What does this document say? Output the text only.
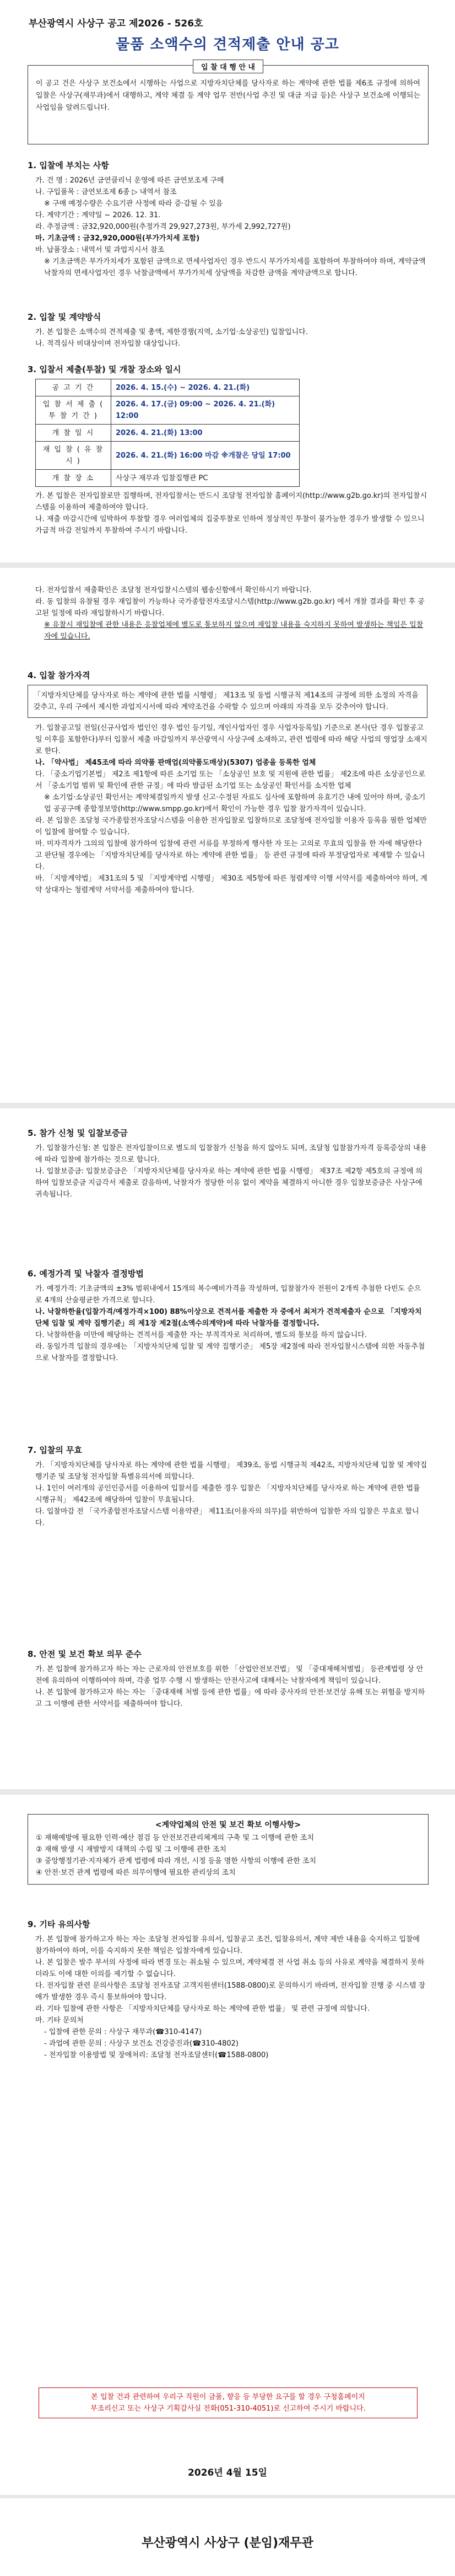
부산광역시 사상구 공고 제2026 - 526호
물품 소액수의 견적제출 안내 공고
입 찰 대 행 안 내
이 공고 건은 사상구 보건소에서 시행하는 사업으로 지방자치단체를 당사자로 하는 계약에 관한 법률 제6조 규정에 의하여 입찰은 사상구(재무과)에서 대행하고, 계약 체결 등 계약 업무 전반(사업 추진 및 대금 지급 등)은 사상구 보건소에 이행되는 사업임을 알려드립니다.
1. 입찰에 부치는 사항

가. 건 명 : 2026년 금연클리닉 운영에 따른 금연보조제 구매

나. 구입품목 : 금연보조제 6종 ▷ 내역서 참조

※ 구매 예정수량은 수요기관 사정에 따라 증·감될 수 있음

다. 계약기간 : 계약일 ~ 2026. 12. 31.

라. 추정금액 : 금32,920,000원(추정가격 29,927,273원, 부가세 2,992,727원)

마. 기초금액 : 금32,920,000원(부가가치세 포함)

바. 납품장소 : 내역서 및 과업지시서 참조

※ 기초금액은 부가가치세가 포함된 금액으로 면세사업자인 경우 반드시 부가가치세를 포함하여 투찰하여야 하며, 계약금액 낙찰자의 면세사업자인 경우 낙찰금액에서 부가가치세 상당액을 차감한 금액을 계약금액으로 합니다.

2. 입찰 및 계약방식

가. 본 입찰은 소액수의 견적제출 및 총액, 제한경쟁(지역, 소기업·소상공인) 입찰입니다.

나. 적격심사 비대상이며 전자입찰 대상입니다.

3. 입찰서 제출(투찰) 및 개찰 장소와 일시
공 고 기 간	2026. 4. 15.(수) ~ 2026. 4. 21.(화)
입 찰 서 제 출 ( 투 찰 기 간 )	2026. 4. 17.(금) 09:00 ~ 2026. 4. 21.(화) 12:00
개 찰 일 시	2026. 4. 21.(화) 13:00
재 입 찰 ( 유 찰 시 )	2026. 4. 21.(화) 16:00 마감 ※개찰은 당일 17:00
개 찰 장 소	사상구 재무과 입찰집행관 PC

가. 본 입찰은 전자입찰로만 집행하며, 전자입찰서는 반드시 조달청 전자입찰 홈페이지(http://www.g2b.go.kr)의 전자입찰시스템을 이용하여 제출하여야 합니다.

나. 재출 마감시간에 임박하여 투찰할 경우 여러업체의 집중투찰로 인하여 정상적인 투찰이 불가능한 경우가 발생할 수 있으니 가급적 마감 전일까지 투찰하여 주시기 바랍니다.

다. 전자입찰서 제출확인은 조달청 전자입찰시스템의 웹송신함에서 확인하시기 바랍니다.

라. 동 입찰의 유찰될 경우 재입찰이 가능하나 국가종합전자조달시스템(http://www.g2b.go.kr) 에서 개찰 결과를 확인 후 공고된 일정에 따라 재입찰하시기 바랍니다.

※ 유찰시 재입찰에 관한 내용은 응찰업체에 별도로 통보하지 않으며 재입찰 내용을 숙지하지 못하여 발생하는 책임은 입찰자에 있습니다.

4. 입찰 참가자격

「지방자치단체를 당사자로 하는 계약에 관한 법률 시행령」 제13조 및 동법 시행규칙 제14조의 규정에 의한 소정의 자격을 갖추고, 우리 구에서 제시한 과업지시서에 따라 계약조건을 수락할 수 있으며 아래의 자격을 모두 갖추어야 합니다.

가. 입찰공고일 전일(신규사업자 법인인 경우 법인 등기일, 개인사업자인 경우 사업자등록일) 기준으로 본사(단 경우 입찰공고일 이후를 포함한다)부터 입찰서 제출 마감일까지 부산광역시 사상구에 소재하고, 관련 법령에 따라 해당 사업의 영업장 소재지로 한다.

나. 「약사법」 제45조에 따라 의약품 판매업(의약품도매상)(5307) 업종을 등록한 업체

다. 「중소기업기본법」 제2조 제1항에 따른 소기업 또는 「소상공인 보호 및 지원에 관한 법률」 제2조에 따른 소상공인으로서 「중소기업 범위 및 확인에 관한 규정」에 따라 발급된 소기업 또는 소상공인 확인서를 소지한 업체

※ 소기업·소상공인 확인서는 계약체결일까지 발생 신고·수정된 자료도 심사에 포함하며 유효기간 내에 있어야 하며, 중소기업 공공구매 종합정보망(http://www.smpp.go.kr)에서 확인이 가능한 경우 입찰 참가자격이 있습니다.

라. 본 입찰은 조달청 국가종합전자조달시스템을 이용한 전자입찰로 입찰하므로 조달청에 전자입찰 이용자 등록을 필한 업체만이 입찰에 참여할 수 있습니다.

마. 미자격자가 그의의 입찰에 참가하여 입찰에 관련 서류를 부정하게 행사한 자 또는 고의로 무효의 입찰을 한 자에 해당한다고 판단될 경우에는 「지방자치단체를 당사자로 하는 계약에 관한 법률」 등 관련 규정에 따라 부정당업자로 제재할 수 있습니다.

바. 「지방계약법」 제31조의 5 및 「지방계약법 시행령」 제30조 제5항에 따른 청렴계약 이행 서약서를 제출하여야 하며, 계약 상대자는 청렴계약 서약서를 제출하여야 합니다.

5. 참가 신청 및 입찰보증금

가. 입찰참가신청: 본 입찰은 전자입찰이므로 별도의 입찰참가 신청을 하지 않아도 되며, 조달청 입찰참가자격 등록증상의 내용에 따라 입찰에 참가하는 것으로 합니다.

나. 입찰보증금: 입찰보증금은 「지방자치단체를 당사자로 하는 계약에 관한 법률 시행령」 제37조 제2항 제5호의 규정에 의하여 입찰보증금 지급각서 제출로 갈음하며, 낙찰자가 정당한 이유 없이 계약을 체결하지 아니한 경우 입찰보증금은 사상구에 귀속됩니다.

6. 예정가격 및 낙찰자 결정방법

가. 예정가격: 기초금액의 ±3% 범위내에서 15개의 복수예비가격을 작성하며, 입찰참가자 전원이 2개씩 추첨한 다빈도 순으로 4개의 산술평균한 가격으로 합니다.

나. 낙찰하한율(입찰가격/예정가격×100) 88%이상으로 견적서를 제출한 자 중에서 최저가 견적제출자 순으로 「지방자치단체 입찰 및 계약 집행기준」의 제1장 제2절(소액수의계약)에 따라 낙찰자를 결정합니다.

다. 낙찰하한율 미만에 해당하는 견적서를 제출한 자는 부적격자로 처리하며, 별도의 통보를 하지 않습니다.

라. 동일가격 입찰의 경우에는 「지방자치단체 입찰 및 계약 집행기준」 제5장 제2절에 따라 전자입찰시스템에 의한 자동추첨으로 낙찰자를 결정합니다.

7. 입찰의 무효

가. 「지방자치단체를 당사자로 하는 계약에 관한 법률 시행령」 제39조, 동법 시행규칙 제42조, 지방자치단체 입찰 및 계약집행기준 및 조달청 전자입찰 특별유의서에 의합니다.

나. 1인이 여러개의 공인인증서를 이용하여 입찰서를 제출한 경우 입찰은 「지방자치단체를 당사자로 하는 계약에 관한 법률 시행규칙」 제42조에 해당하여 입찰이 무효됩니다.

다. 입찰마감 전 「국가종합전자조달시스템 이용약관」 제11조(이용자의 의무)를 위반하여 입찰한 자의 입찰은 무효로 합니다.

8. 안전 및 보건 확보 의무 준수

가. 본 입찰에 참가하고자 하는 자는 근로자의 안전보호를 위한 「산업안전보건법」 및 「중대재해처벌법」 등관계법령 상 안전에 유의하여 이행하여야 하며, 각종 업무 수행 시 발생하는 안전사고에 대해서는 낙찰자에게 책임이 있습니다.

나. 본 입찰에 참가하고자 하는 자는 「중대재해 처벌 등에 관한 법률」에 따라 중사자의 안전·보건상 유해 또는 위험을 방지하고 그 이행에 관한 서약서를 제출하여야 합니다.

<계약업체의 안전 및 보건 확보 이행사항>
① 재해예방에 필요한 인력·예산 점검 등 안전보건관리체계의 구축 및 그 이행에 관한 조치
② 재해 발생 시 재발방지 대책의 수립 및 그 이행에 관한 조치
③ 중앙행정기관·지자체가 관계 법령에 따라 개선, 시정 등을 명한 사항의 이행에 관한 조치
④ 안전·보건 관계 법령에 따른 의무이행에 필요한 관리상의 조치
9. 기타 유의사항

가. 본 입찰에 참가하고자 하는 자는 조달청 전자입찰 유의서, 입찰공고 조건, 입찰유의서, 계약 제반 내용을 숙지하고 입찰에 참가하여야 하며, 이를 숙지하지 못한 책임은 입찰자에게 있습니다.

나. 본 입찰은 발주 부서의 사정에 따라 변경 또는 취소될 수 있으며, 계약체결 전 사업 취소 등의 사유로 계약을 체결하지 못하더라도 이에 대한 이의를 제기할 수 없습니다.

다. 전자입찰 관련 문의사항은 조달청 전자조달 고객지원센터(1588-0800)로 문의하시기 바라며, 전자입찰 진행 중 시스템 장애가 발생한 경우 즉시 통보하여야 합니다.

라. 기타 입찰에 관한 사항은 「지방자치단체를 당사자로 하는 계약에 관한 법률」 및 관련 규정에 의합니다.

마. 기타 문의처

- 입찰에 관한 문의 : 사상구 재무과(☎310-4147)

- 과업에 관한 문의 : 사상구 보건소 건강증진과(☎310-4802)

- 전자입찰 이용방법 및 장애처리: 조달청 전자조달센터(☎1588-0800)

본 입찰 건과 관련하여 우리구 직원이 금품, 향응 등 부당한 요구를 할 경우 구청홈페이지
부조리신고 또는 사상구 기획감사실 전화(051-310-4051)로 신고하여 주시기 바랍니다.
2026년 4월 15일
부산광역시 사상구 (분임)재무관
